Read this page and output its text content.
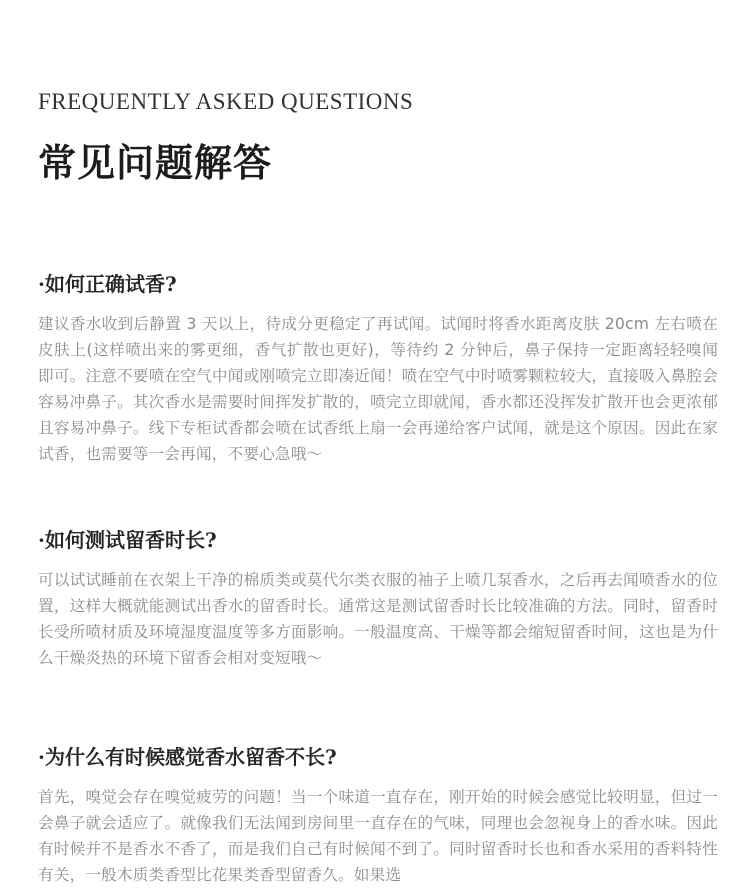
FREQUENTLY ASKED QUESTIONS
常见问题解答
·如何正确试香?

建议香水收到后静置 3 天以上，待成分更稳定了再试闻。试闻时将香水距离皮肤 20cm 左右喷在皮肤上(这样喷出来的雾更细，香气扩散也更好)，等待约 2 分钟后，鼻子保持一定距离轻轻嗅闻即可。注意不要喷在空气中闻或刚喷完立即凑近闻！喷在空气中时喷雾颗粒较大，直接吸入鼻腔会容易冲鼻子。其次香水是需要时间挥发扩散的，喷完立即就闻，香水都还没挥发扩散开也会更浓郁且容易冲鼻子。线下专柜试香都会喷在试香纸上扇一会再递给客户试闻，就是这个原因。因此在家试香，也需要等一会再闻，不要心急哦～

·如何测试留香时长?

可以试试睡前在衣架上干净的棉质类或莫代尔类衣服的袖子上喷几泵香水，之后再去闻喷香水的位置，这样大概就能测试出香水的留香时长。通常这是测试留香时长比较准确的方法。同时，留香时长受所喷材质及环境湿度温度等多方面影响。一般温度高、干燥等都会缩短留香时间，这也是为什么干燥炎热的环境下留香会相对变短哦～

·为什么有时候感觉香水留香不长?

首先，嗅觉会存在嗅觉疲劳的问题！当一个味道一直存在，刚开始的时候会感觉比较明显，但过一会鼻子就会适应了。就像我们无法闻到房间里一直存在的气味，同理也会忽视身上的香水味。因此有时候并不是香水不香了，而是我们自己有时候闻不到了。同时留香时长也和香水采用的香料特性有关，一般木质类香型比花果类香型留香久。如果选
